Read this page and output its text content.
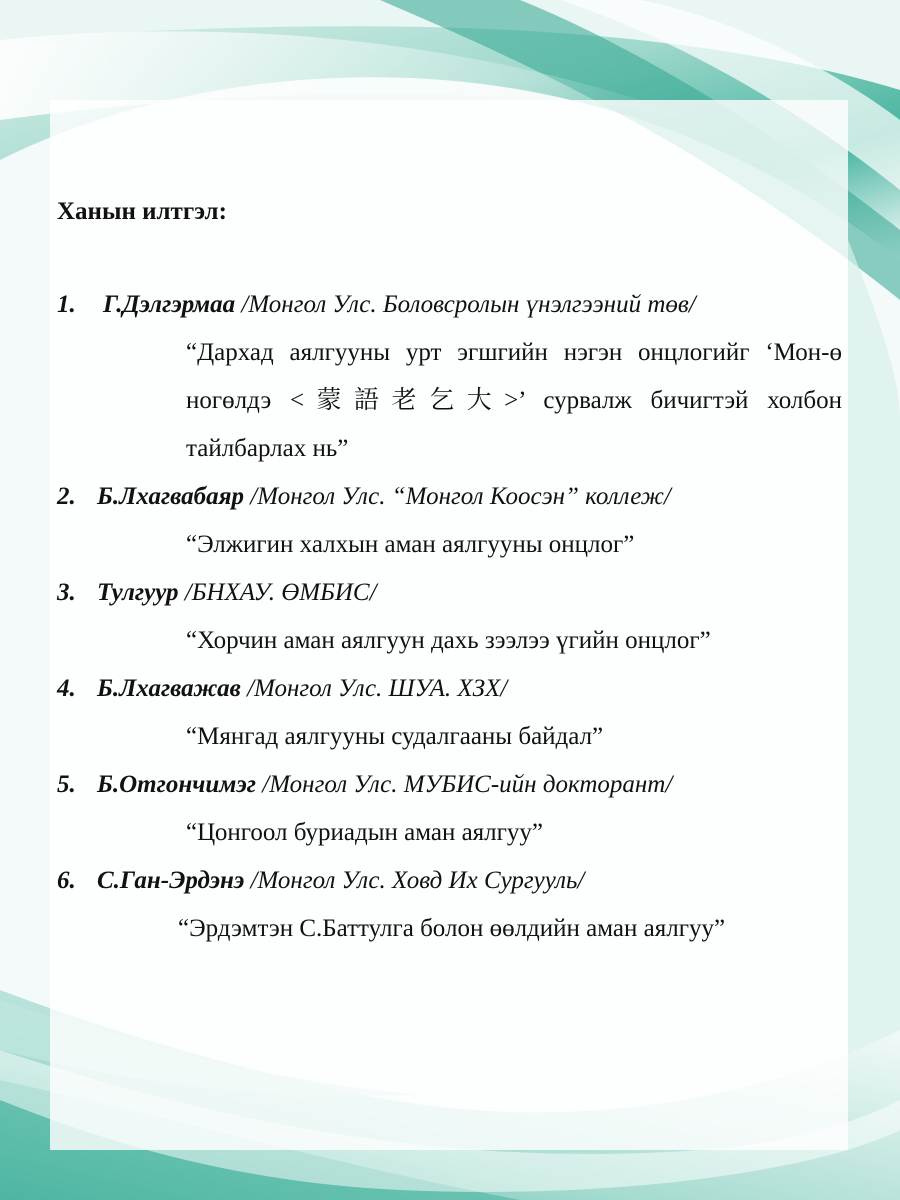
Ханын илтгэл:
1. Г.Дэлгэрмаа /Монгол Улс. Боловсролын үнэлгээний төв/
“Дархад аялгууны урт эгшгийн нэгэн онцлогийг ‘Мон-ө ногөлдэ <蒙語老乞大>’ сурвалж бичигтэй холбон тайлбарлах нь”
2. Б.Лхагвабаяр /Монгол Улс. “Монгол Коосэн” коллеж/
“Элжигин халхын аман аялгууны онцлог”
3. Тулгуур /БНХАУ. ӨМБИС/
“Хорчин аман аялгуун дахь зээлээ үгийн онцлог”
4. Б.Лхагважав /Монгол Улс. ШУА. ХЗХ/
“Мянгад аялгууны судалгааны байдал”
5. Б.Отгончимэг /Монгол Улс. МУБИС-ийн докторант/
“Цонгоол буриадын аман аялгуу”
6. С.Ган-Эрдэнэ /Монгол Улс. Ховд Их Сургууль/
“Эрдэмтэн С.Баттулга болон өөлдийн аман аялгуу”
